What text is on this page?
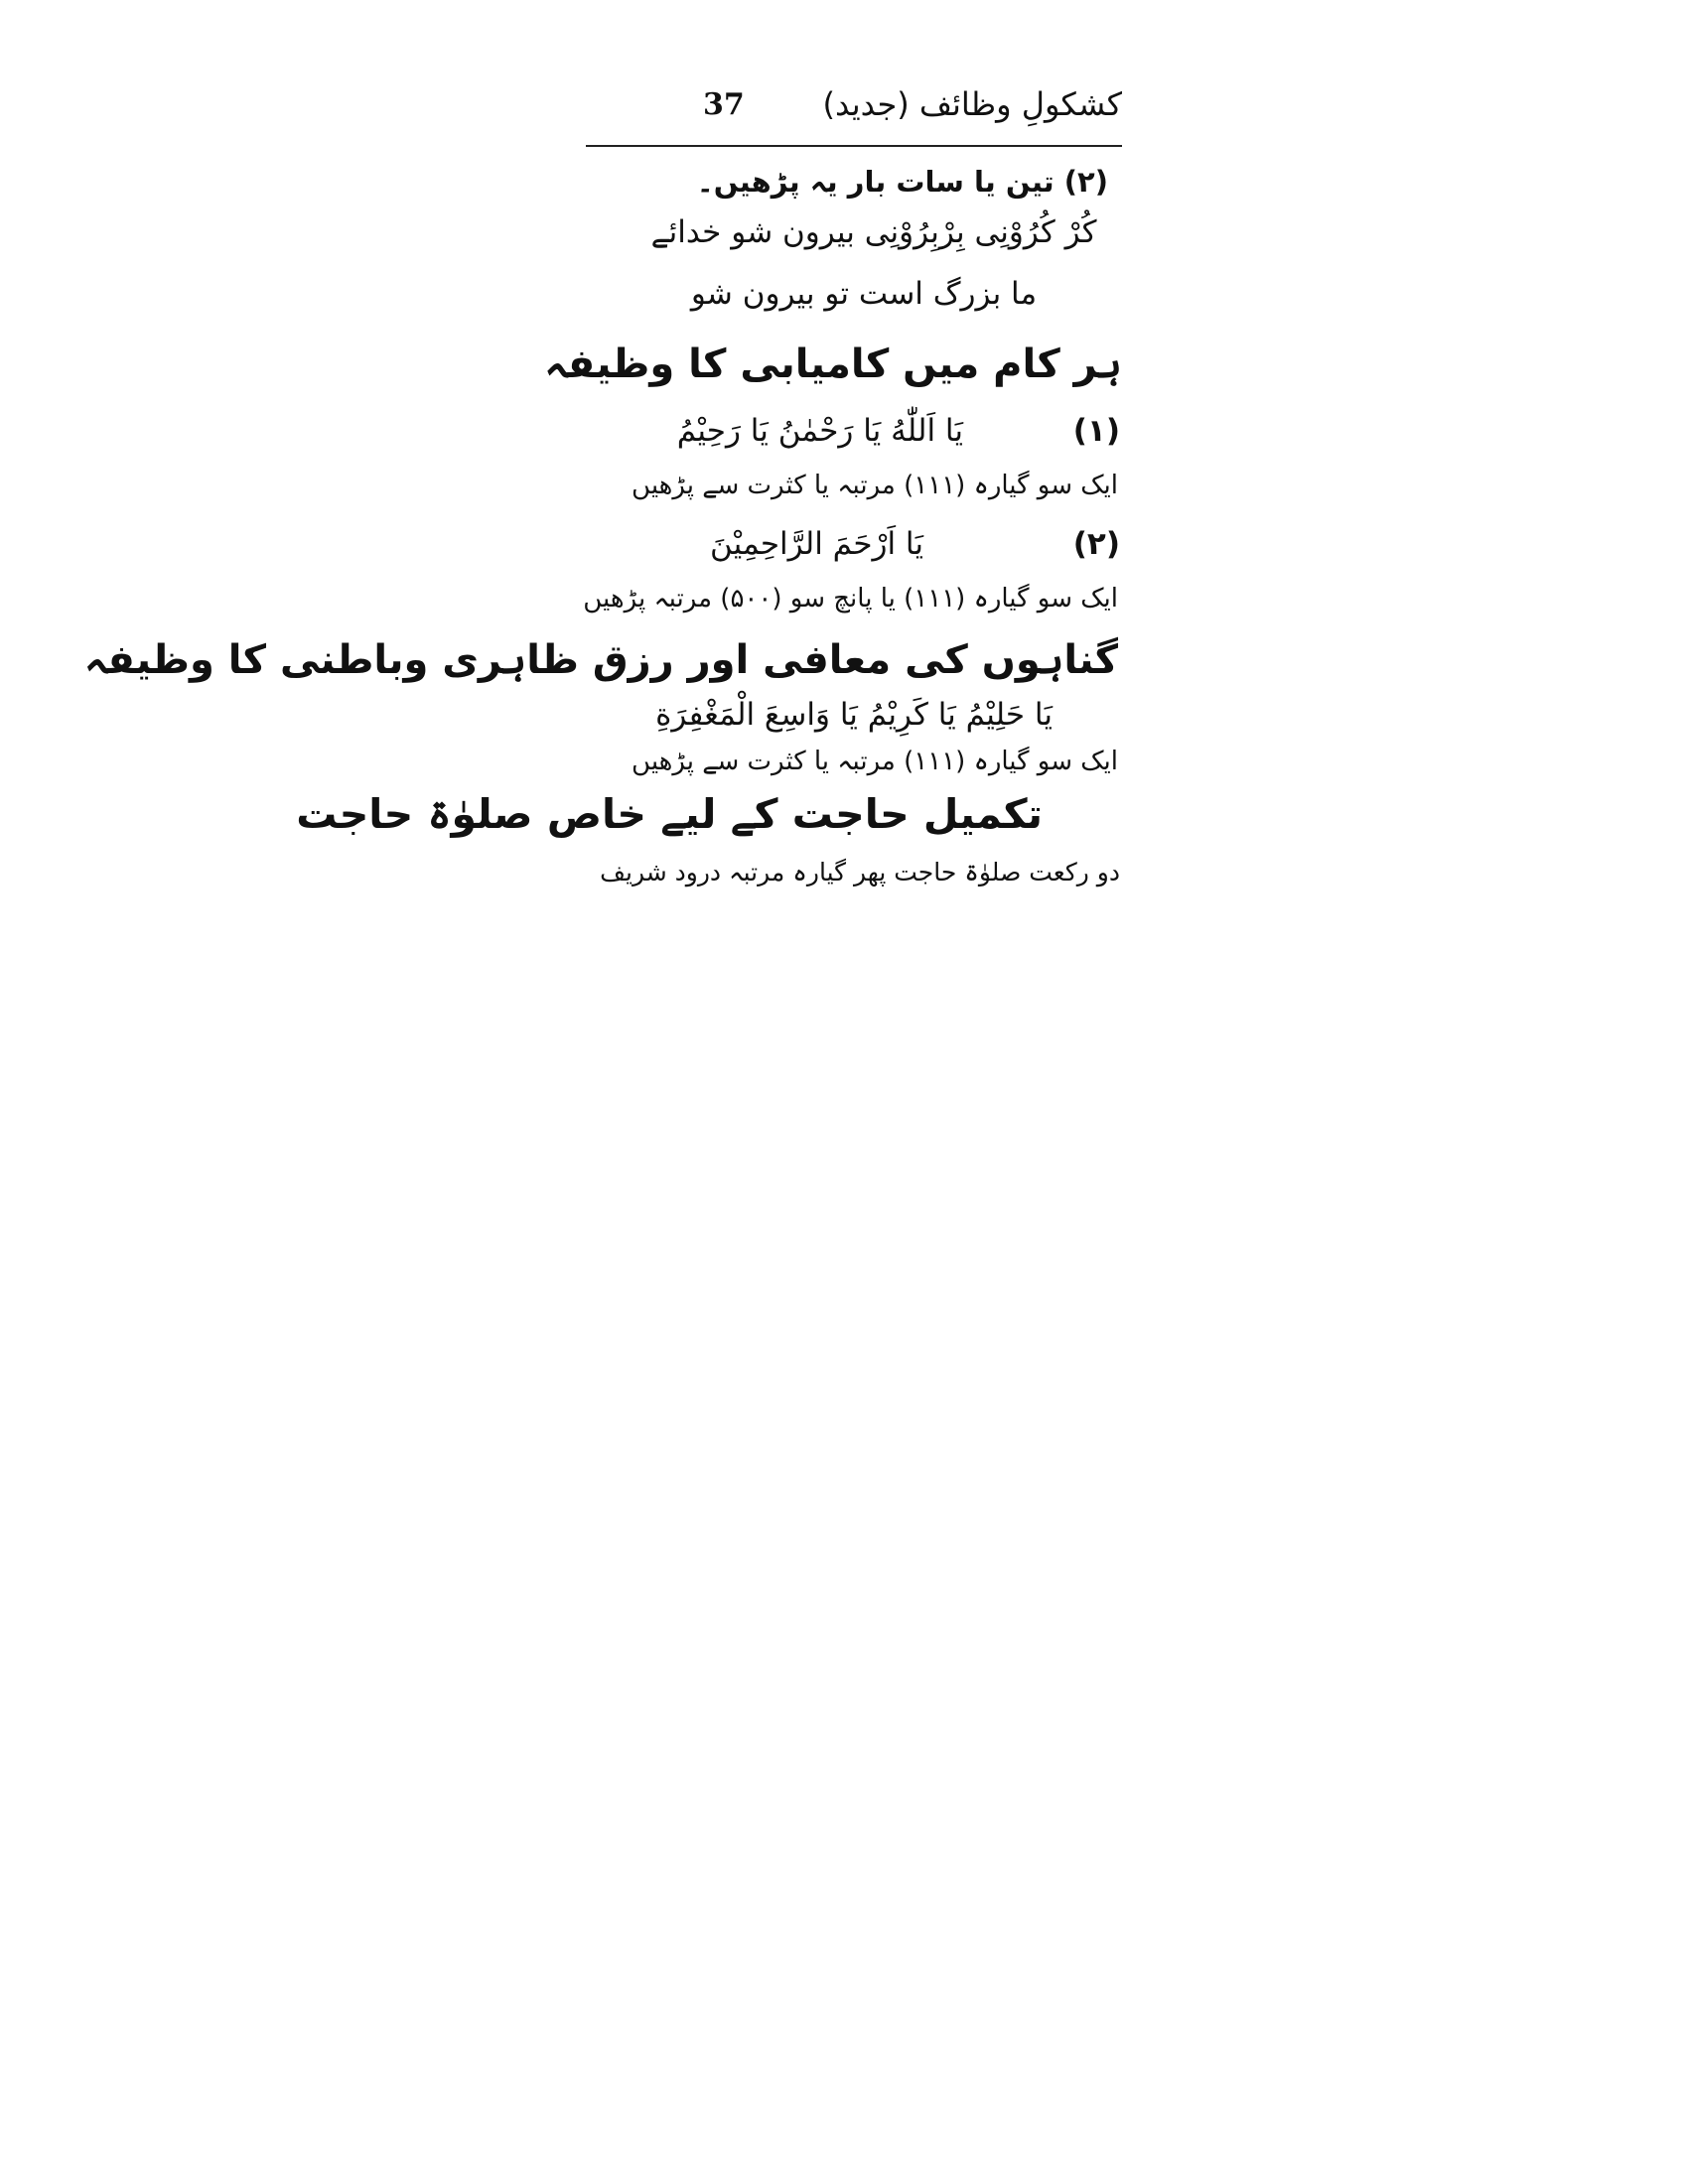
کشکولِ وظائف (جدید)
37
(۲) تین یا سات بار یہ پڑھیں۔
کُرْ کُرُوْنِی بِرْبِرُوْنِی بیرون شو خدائے
ما بزرگ است تو بیرون شو
ہر کام میں کامیابی کا وظیفہ
(۱)
يَا اَللّٰهُ يَا رَحْمٰنُ يَا رَحِيْمُ
ایک سو گیارہ (۱۱۱) مرتبہ یا کثرت سے پڑھیں
(۲)
يَا اَرْحَمَ الرَّاحِمِيْنَ
ایک سو گیارہ (۱۱۱) یا پانچ سو (۵۰۰) مرتبہ پڑھیں
گناہوں کی معافی اور رزق ظاہری وباطنی کا وظیفہ
يَا حَلِيْمُ يَا كَرِيْمُ يَا وَاسِعَ الْمَغْفِرَةِ
ایک سو گیارہ (۱۱۱) مرتبہ یا کثرت سے پڑھیں
تکمیل حاجت کے لیے خاص صلوٰۃ حاجت
دو رکعت صلوٰۃ حاجت پھر گیارہ مرتبہ درود شریف
